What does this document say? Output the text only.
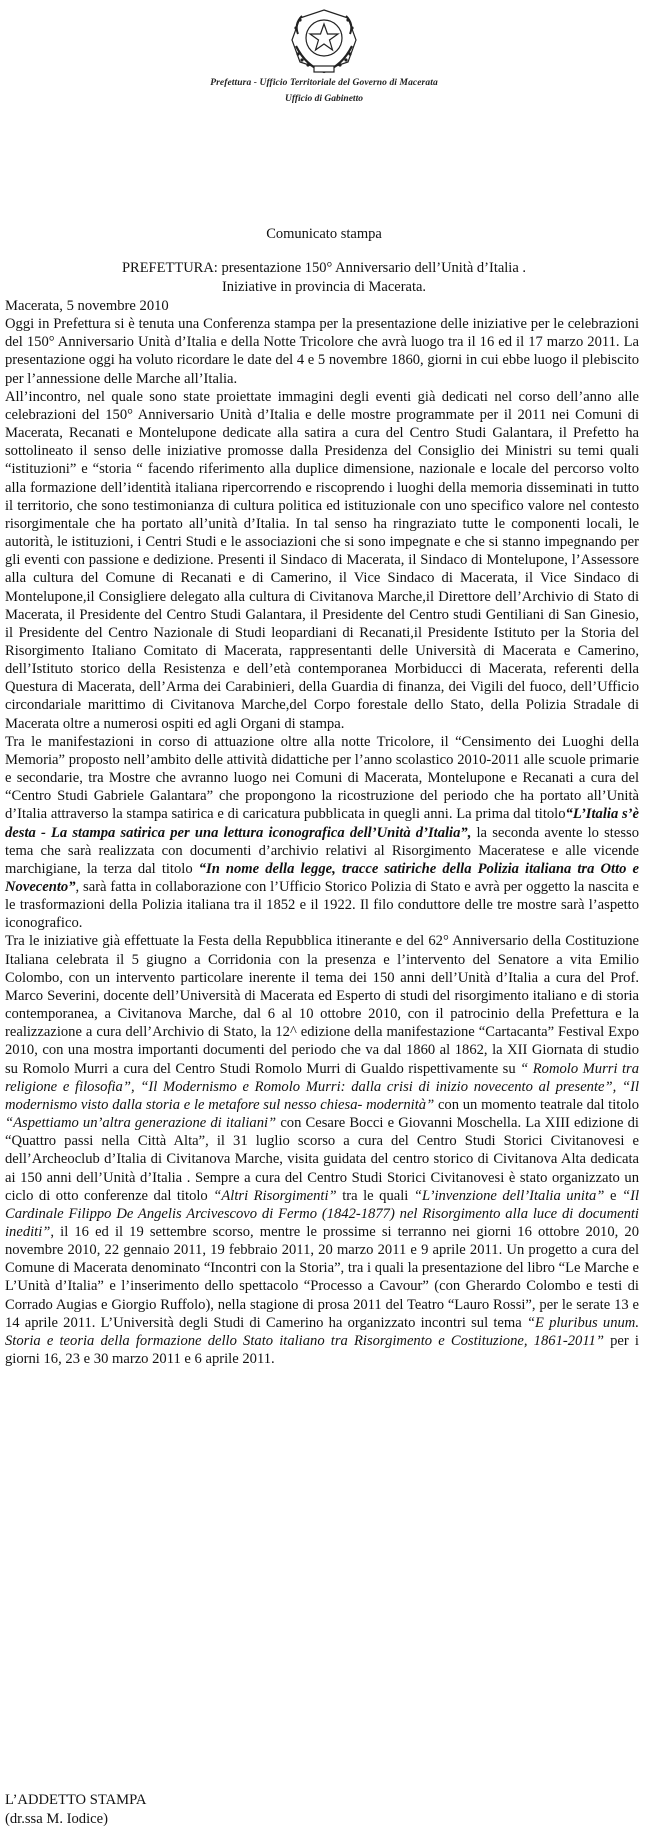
Prefettura - Ufficio Territoriale del Governo di Macerata
Ufficio di Gabinetto
Comunicato stampa
PREFETTURA: presentazione 150° Anniversario dell’Unità d’Italia .
Iniziative in provincia di Macerata.

Macerata, 5 novembre 2010

Oggi in Prefettura si è tenuta una Conferenza stampa per la presentazione delle iniziative per le celebrazioni del 150° Anniversario Unità d’Italia e della Notte Tricolore che avrà luogo tra il 16 ed il 17 marzo 2011. La presentazione oggi ha voluto ricordare le date del 4 e 5 novembre 1860, giorni in cui ebbe luogo il plebiscito per l’annessione delle Marche all’Italia.

All’incontro, nel quale sono state proiettate immagini degli eventi già dedicati nel corso dell’anno alle celebrazioni del 150° Anniversario Unità d’Italia e delle mostre programmate per il 2011 nei Comuni di Macerata, Recanati e Montelupone dedicate alla satira a cura del Centro Studi Galantara, il Prefetto ha sottolineato il senso delle iniziative promosse dalla Presidenza del Consiglio dei Ministri su temi quali “istituzioni” e “storia “ facendo riferimento alla duplice dimensione, nazionale e locale del percorso volto alla formazione dell’identità italiana ripercorrendo e riscoprendo i luoghi della memoria disseminati in tutto il territorio, che sono testimonianza di cultura politica ed istituzionale con uno specifico valore nel contesto risorgimentale che ha portato all’unità d’Italia. In tal senso ha ringraziato tutte le componenti locali, le autorità, le istituzioni, i Centri Studi e le associazioni che si sono impegnate e che si stanno impegnando per gli eventi con passione e dedizione. Presenti il Sindaco di Macerata, il Sindaco di Montelupone, l’Assessore alla cultura del Comune di Recanati e di Camerino, il Vice Sindaco di Macerata, il Vice Sindaco di Montelupone,il Consigliere delegato alla cultura di Civitanova Marche,il Direttore dell’Archivio di Stato di Macerata, il Presidente del Centro Studi Galantara, il Presidente del Centro studi Gentiliani di San Ginesio, il Presidente del Centro Nazionale di Studi leopardiani di Recanati,il Presidente Istituto per la Storia del Risorgimento Italiano Comitato di Macerata, rappresentanti delle Università di Macerata e Camerino, dell’Istituto storico della Resistenza e dell’età contemporanea Morbiducci di Macerata, referenti della Questura di Macerata, dell’Arma dei Carabinieri, della Guardia di finanza, dei Vigili del fuoco, dell’Ufficio circondariale marittimo di Civitanova Marche,del Corpo forestale dello Stato, della Polizia Stradale di Macerata oltre a numerosi ospiti ed agli Organi di stampa.

Tra le manifestazioni in corso di attuazione oltre alla notte Tricolore, il “Censimento dei Luoghi della Memoria” proposto nell’ambito delle attività didattiche per l’anno scolastico 2010-2011 alle scuole primarie e secondarie, tra Mostre che avranno luogo nei Comuni di Macerata, Montelupone e Recanati a cura del “Centro Studi Gabriele Galantara” che propongono la ricostruzione del periodo che ha portato all’Unità d’Italia attraverso la stampa satirica e di caricatura pubblicata in quegli anni. La prima dal titolo“L’Italia s’è desta - La stampa satirica per una lettura iconografica dell’Unità d’Italia”, la seconda avente lo stesso tema che sarà realizzata con documenti d’archivio relativi al Risorgimento Maceratese e alle vicende marchigiane, la terza dal titolo “In nome della legge, tracce satiriche della Polizia italiana tra Otto e Novecento”, sarà fatta in collaborazione con l’Ufficio Storico Polizia di Stato e avrà per oggetto la nascita e le trasformazioni della Polizia italiana tra il 1852 e il 1922. Il filo conduttore delle tre mostre sarà l’aspetto iconografico.

Tra le iniziative già effettuate la Festa della Repubblica itinerante e del 62° Anniversario della Costituzione Italiana celebrata il 5 giugno a Corridonia con la presenza e l’intervento del Senatore a vita Emilio Colombo, con un intervento particolare inerente il tema dei 150 anni dell’Unità d’Italia a cura del Prof. Marco Severini, docente dell’Università di Macerata ed Esperto di studi del risorgimento italiano e di storia contemporanea, a Civitanova Marche, dal 6 al 10 ottobre 2010, con il patrocinio della Prefettura e la realizzazione a cura dell’Archivio di Stato, la 12^ edizione della manifestazione “Cartacanta” Festival Expo 2010, con una mostra importanti documenti del periodo che va dal 1860 al 1862, la XII Giornata di studio su Romolo Murri a cura del Centro Studi Romolo Murri di Gualdo rispettivamente su “ Romolo Murri tra religione e filosofia”, “Il Modernismo e Romolo Murri: dalla crisi di inizio novecento al presente”, “Il modernismo visto dalla storia e le metafore sul nesso chiesa- modernità” con un momento teatrale dal titolo “Aspettiamo un’altra generazione di italiani” con Cesare Bocci e Giovanni Moschella. La XIII edizione di “Quattro passi nella Città Alta”, il 31 luglio scorso a cura del Centro Studi Storici Civitanovesi e dell’Archeoclub d’Italia di Civitanova Marche, visita guidata del centro storico di Civitanova Alta dedicata ai 150 anni dell’Unità d’Italia . Sempre a cura del Centro Studi Storici Civitanovesi è stato organizzato un ciclo di otto conferenze dal titolo “Altri Risorgimenti” tra le quali “L’invenzione dell’Italia unita” e “Il Cardinale Filippo De Angelis Arcivescovo di Fermo (1842-1877) nel Risorgimento alla luce di documenti inediti”, il 16 ed il 19 settembre scorso, mentre le prossime si terranno nei giorni 16 ottobre 2010, 20 novembre 2010, 22 gennaio 2011, 19 febbraio 2011, 20 marzo 2011 e 9 aprile 2011. Un progetto a cura del Comune di Macerata denominato “Incontri con la Storia”, tra i quali la presentazione del libro “Le Marche e L’Unità d’Italia” e l’inserimento dello spettacolo “Processo a Cavour” (con Gherardo Colombo e testi di Corrado Augias e Giorgio Ruffolo), nella stagione di prosa 2011 del Teatro “Lauro Rossi”, per le serate 13 e 14 aprile 2011. L’Università degli Studi di Camerino ha organizzato incontri sul tema “E pluribus unum. Storia e teoria della formazione dello Stato italiano tra Risorgimento e Costituzione, 1861-2011” per i giorni 16, 23 e 30 marzo 2011 e 6 aprile 2011.

L’ADDETTO STAMPA
(dr.ssa M. Iodice)
